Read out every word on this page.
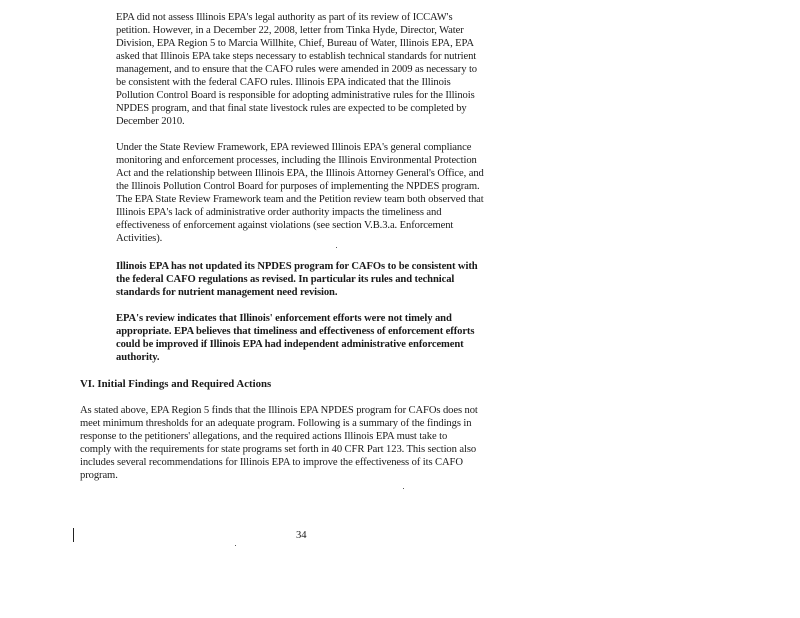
EPA did not assess Illinois EPA's legal authority as part of its review of ICCAW's
petition. However, in a December 22, 2008, letter from Tinka Hyde, Director, Water
Division, EPA Region 5 to Marcia Willhite, Chief, Bureau of Water, Illinois EPA, EPA
asked that Illinois EPA take steps necessary to establish technical standards for nutrient
management, and to ensure that the CAFO rules were amended in 2009 as necessary to
be consistent with the federal CAFO rules. Illinois EPA indicated that the Illinois
Pollution Control Board is responsible for adopting administrative rules for the Illinois
NPDES program, and that final state livestock rules are expected to be completed by
December 2010.
Under the State Review Framework, EPA reviewed Illinois EPA's general compliance
monitoring and enforcement processes, including the Illinois Environmental Protection
Act and the relationship between Illinois EPA, the Illinois Attorney General's Office, and
the Illinois Pollution Control Board for purposes of implementing the NPDES program.
The EPA State Review Framework team and the Petition review team both observed that
Illinois EPA's lack of administrative order authority impacts the timeliness and
effectiveness of enforcement against violations (see section V.B.3.a. Enforcement
Activities).
Illinois EPA has not updated its NPDES program for CAFOs to be consistent with
the federal CAFO regulations as revised. In particular its rules and technical
standards for nutrient management need revision.
EPA's review indicates that Illinois' enforcement efforts were not timely and
appropriate. EPA believes that timeliness and effectiveness of enforcement efforts
could be improved if Illinois EPA had independent administrative enforcement
authority.
VI. Initial Findings and Required Actions
As stated above, EPA Region 5 finds that the Illinois EPA NPDES program for CAFOs does not
meet minimum thresholds for an adequate program. Following is a summary of the findings in
response to the petitioners' allegations, and the required actions Illinois EPA must take to
comply with the requirements for state programs set forth in 40 CFR Part 123. This section also
includes several recommendations for Illinois EPA to improve the effectiveness of its CAFO
program.
34
